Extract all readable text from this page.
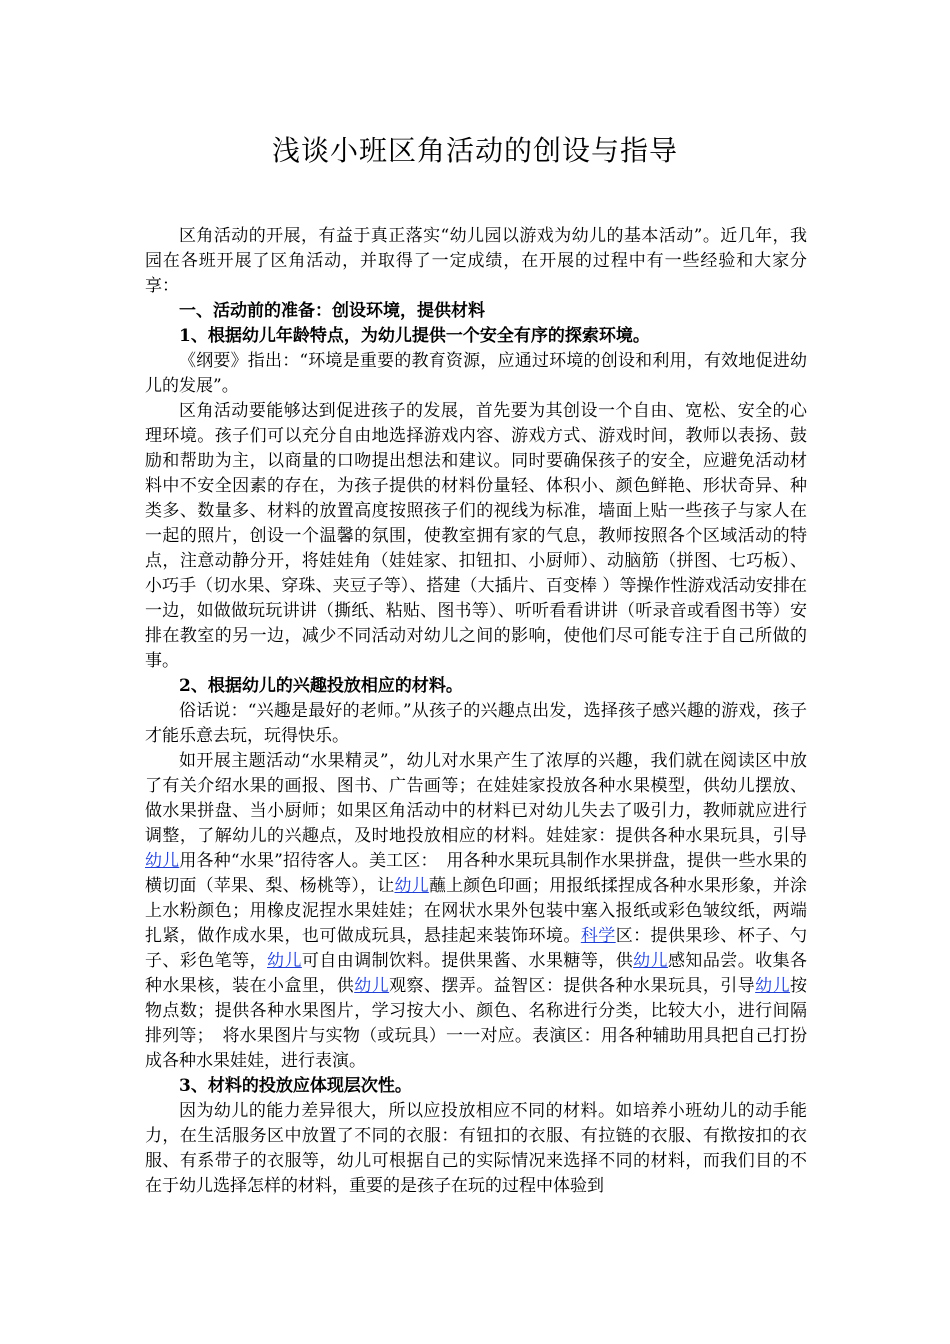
浅谈小班区角活动的创设与指导

区角活动的开展，有益于真正落实“幼儿园以游戏为幼儿的基本活动”。近几年，我园在各班开展了区角活动，并取得了一定成绩，在开展的过程中有一些经验和大家分享：

一、活动前的准备：创设环境，提供材料

1、根据幼儿年龄特点，为幼儿提供一个安全有序的探索环境。

《纲要》指出：“环境是重要的教育资源，应通过环境的创设和利用，有效地促进幼儿的发展”。

区角活动要能够达到促进孩子的发展，首先要为其创设一个自由、宽松、安全的心理环境。孩子们可以充分自由地选择游戏内容、游戏方式、游戏时间，教师以表扬、鼓励和帮助为主，以商量的口吻提出想法和建议。同时要确保孩子的安全，应避免活动材料中不安全因素的存在，为孩子提供的材料份量轻、体积小、颜色鲜艳、形状奇异、种类多、数量多、材料的放置高度按照孩子们的视线为标准，墙面上贴一些孩子与家人在一起的照片，创设一个温馨的氛围，使教室拥有家的气息，教师按照各个区域活动的特点，注意动静分开，将娃娃角（娃娃家、扣钮扣、小厨师）、动脑筋（拼图、七巧板）、小巧手（切水果、穿珠、夹豆子等）、搭建（大插片、百变棒 ）等操作性游戏活动安排在一边，如做做玩玩讲讲（撕纸、粘贴、图书等）、听听看看讲讲（听录音或看图书等）安排在教室的另一边，减少不同活动对幼儿之间的影响，使他们尽可能专注于自己所做的事。

2、根据幼儿的兴趣投放相应的材料。

俗话说：“兴趣是最好的老师。”从孩子的兴趣点出发，选择孩子感兴趣的游戏，孩子才能乐意去玩，玩得快乐。

如开展主题活动“水果精灵”，幼儿对水果产生了浓厚的兴趣，我们就在阅读区中放了有关介绍水果的画报、图书、广告画等；在娃娃家投放各种水果模型，供幼儿摆放、做水果拼盘、当小厨师；如果区角活动中的材料已对幼儿失去了吸引力，教师就应进行调整，了解幼儿的兴趣点，及时地投放相应的材料。娃娃家：提供各种水果玩具，引导幼儿用各种“水果”招待客人。美工区：　用各种水果玩具制作水果拼盘，提供一些水果的横切面（苹果、梨、杨桃等），让幼儿蘸上颜色印画；用报纸揉捏成各种水果形象，并涂上水粉颜色；用橡皮泥捏水果娃娃；在网状水果外包装中塞入报纸或彩色皱纹纸，两端扎紧，做作成水果，也可做成玩具，悬挂起来装饰环境。科学区：提供果珍、杯子、勺子、彩色笔等，幼儿可自由调制饮料。提供果酱、水果糖等，供幼儿感知品尝。收集各种水果核，装在小盒里，供幼儿观察、摆弄。益智区：提供各种水果玩具，引导幼儿按物点数；提供各种水果图片，学习按大小、颜色、名称进行分类，比较大小，进行间隔排列等；　将水果图片与实物（或玩具）一一对应。表演区：用各种辅助用具把自己打扮成各种水果娃娃，进行表演。

3、材料的投放应体现层次性。

因为幼儿的能力差异很大，所以应投放相应不同的材料。如培养小班幼儿的动手能力，在生活服务区中放置了不同的衣服：有钮扣的衣服、有拉链的衣服、有揿按扣的衣服、有系带子的衣服等，幼儿可根据自己的实际情况来选择不同的材料，而我们目的不在于幼儿选择怎样的材料，重要的是孩子在玩的过程中体验到
